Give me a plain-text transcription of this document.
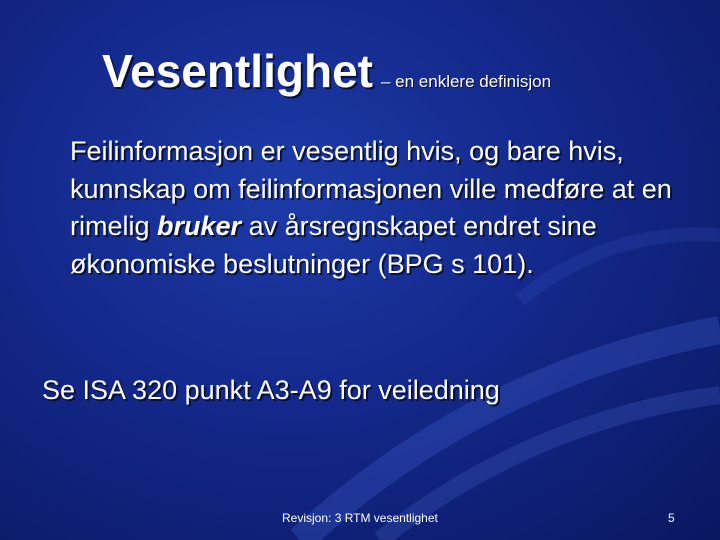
Vesentlighet – en enklere definisjon
Feilinformasjon er vesentlig hvis, og bare hvis, kunnskap om feilinformasjonen ville medføre at en rimelig bruker av årsregnskapet endret sine økonomiske beslutninger (BPG s 101).
Se ISA 320 punkt A3-A9 for veiledning
Revisjon: 3 RTM vesentlighet	5
